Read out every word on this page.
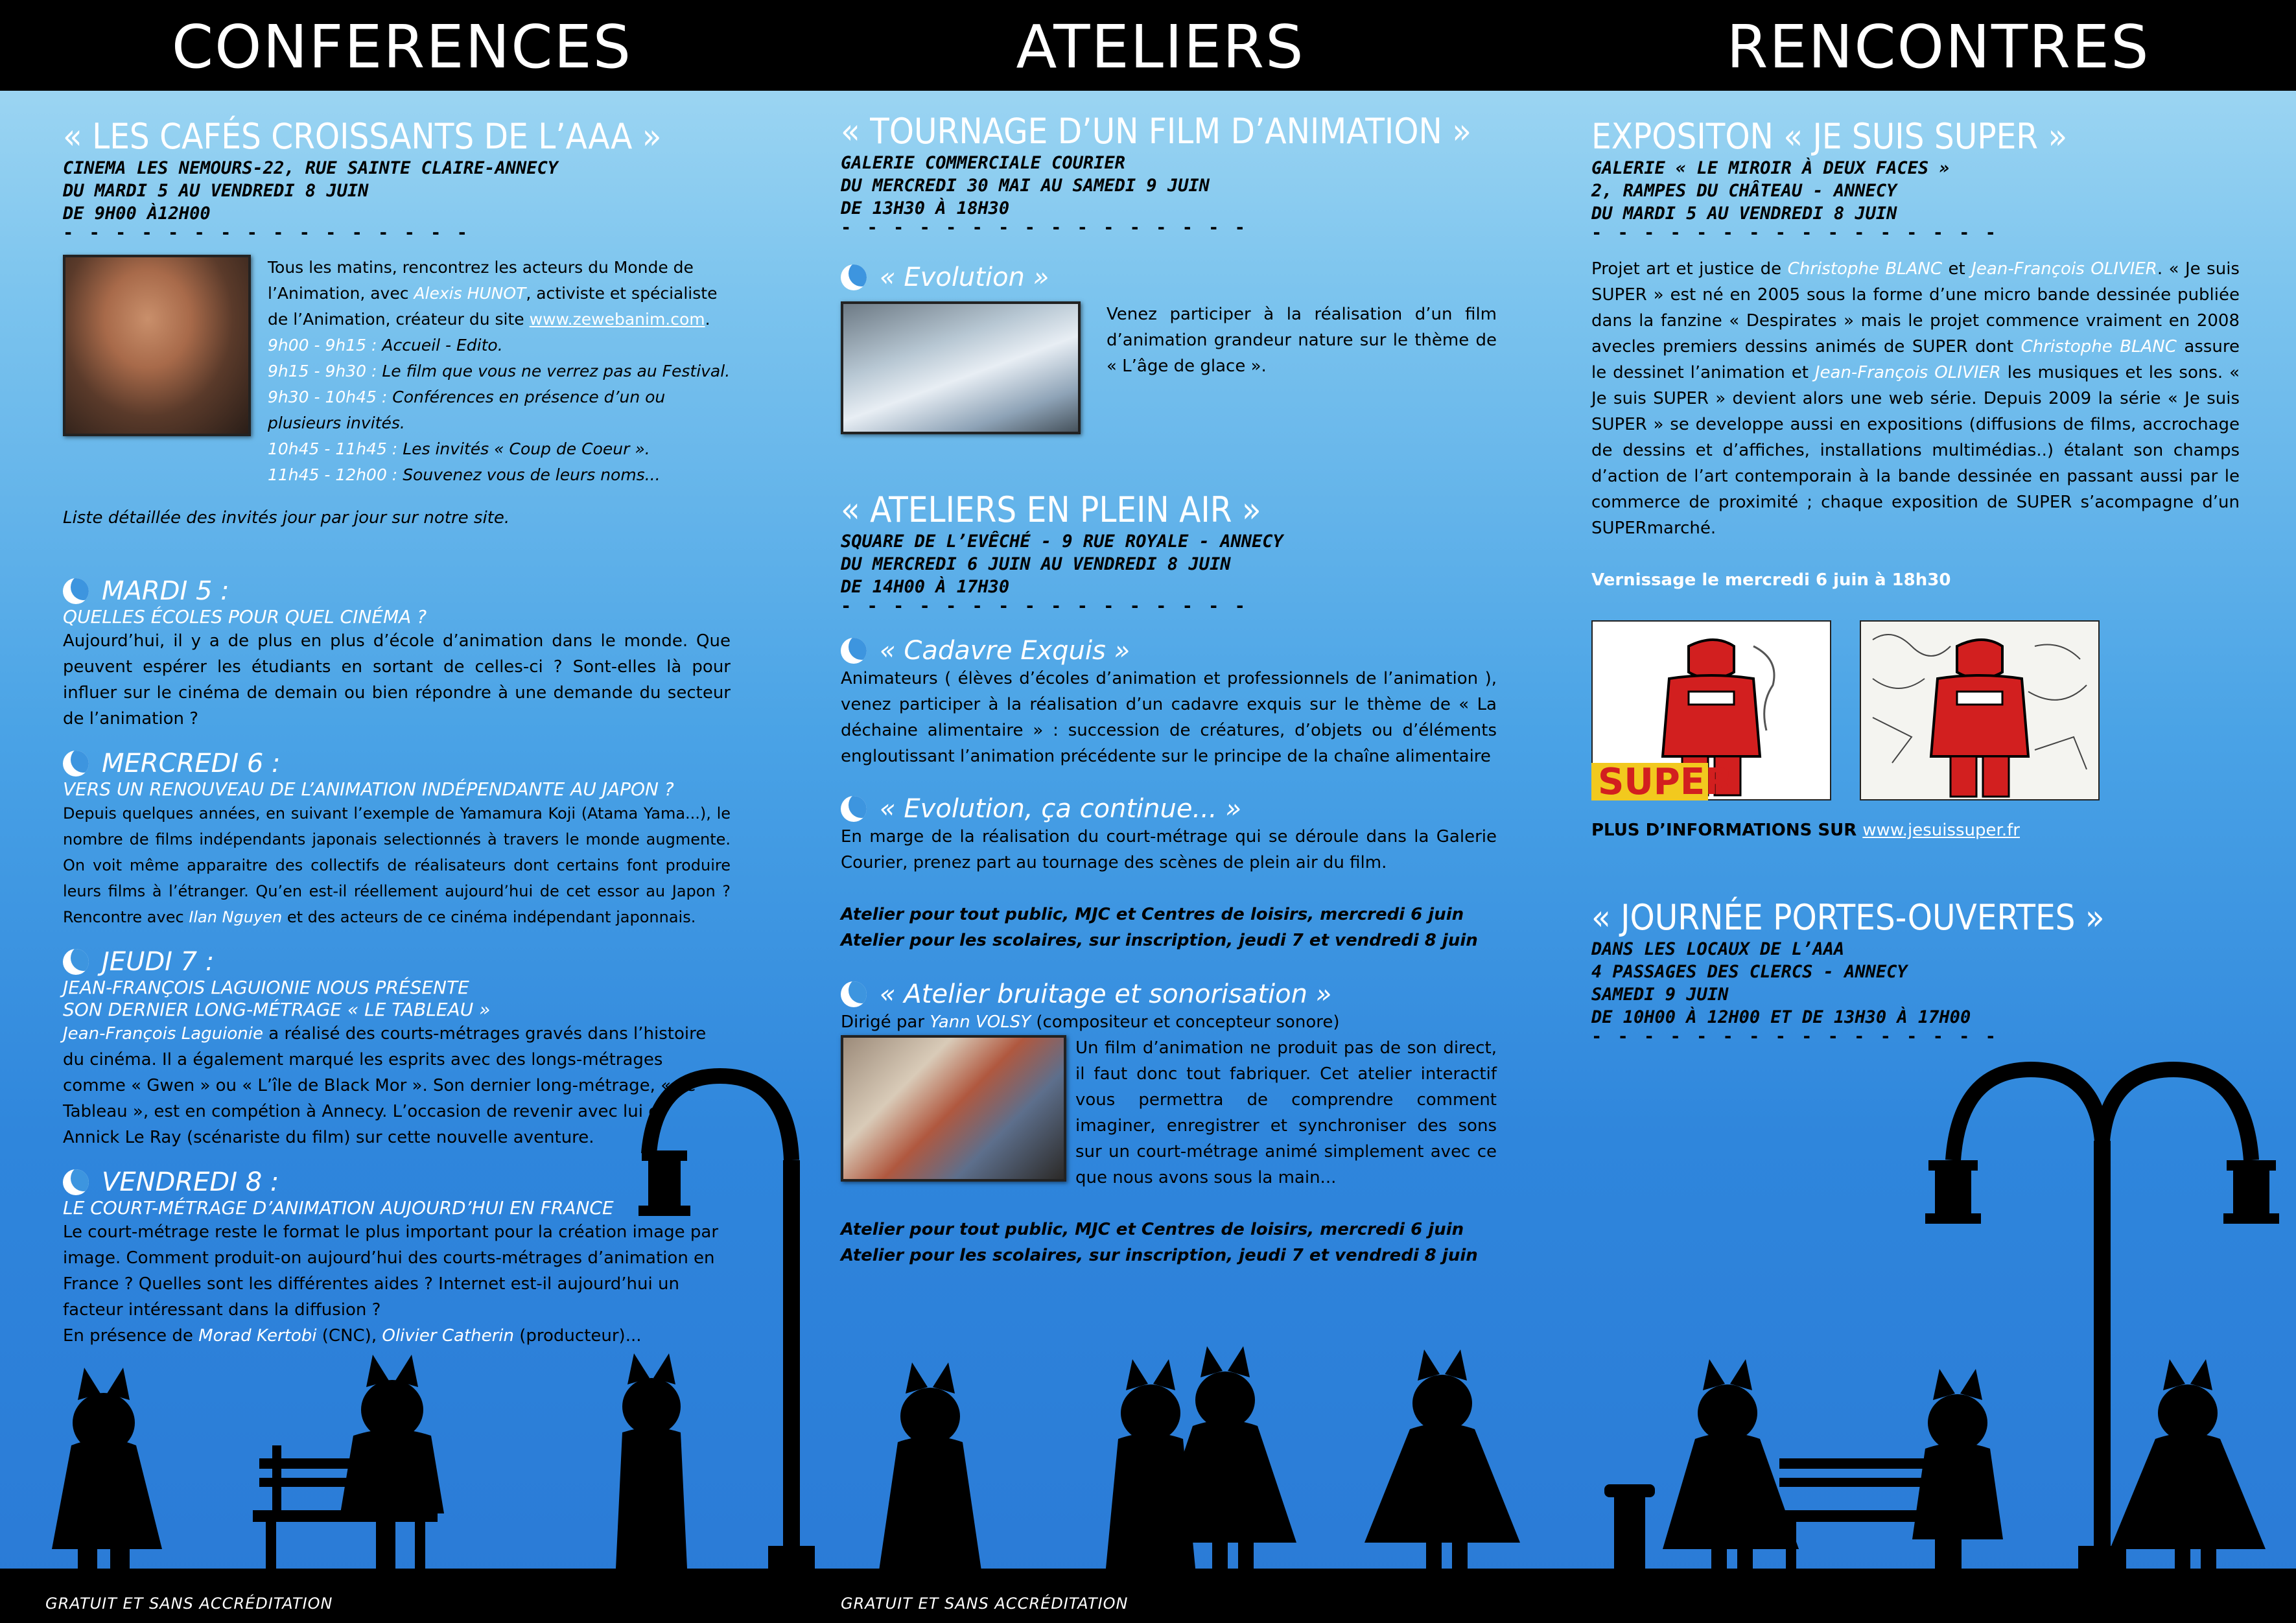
CONFERENCES	ATELIERS	RENCONTRES
« LES CAFÉS CROISSANTS DE L’AAA »
CINEMA LES NEMOURS-22, RUE SAINTE CLAIRE-ANNECY
DU MARDI 5 AU VENDREDI 8 JUIN
DE 9H00 À12H00
- - - - - - - - - - - - - - - -
Tous les matins, rencontrez les acteurs du Monde de l’Animation, avec Alexis HUNOT, activiste et spécialiste de l’Animation, créateur du site www.zewebanim.com.
9h00 - 9h15 : Accueil - Edito.
9h15 - 9h30 : Le film que vous ne verrez pas au Festival.
9h30 - 10h45 : Conférences en présence d’un ou plusieurs invités.
10h45 - 11h45 : Les invités « Coup de Coeur ».
11h45 - 12h00 : Souvenez vous de leurs noms...

Liste détaillée des invités jour par jour sur notre site.

MARDI 5 :
QUELLES ÉCOLES POUR QUEL CINÉMA ?

Aujourd’hui, il y a de plus en plus d’école d’animation dans le monde. Que peuvent espérer les étudiants en sortant de celles-ci ? Sont-elles là pour influer sur le cinéma de demain ou bien répondre à une demande du secteur de l’animation ?

MERCREDI 6 :
VERS UN RENOUVEAU DE L’ANIMATION INDÉPENDANTE AU JAPON ?

Depuis quelques années, en suivant l’exemple de Yamamura Koji (Atama Yama...), le nombre de films indépendants japonais selectionnés à travers le monde augmente. On voit même apparaitre des collectifs de réalisateurs dont certains font produire leurs films à l’étranger. Qu’en est-il réellement aujourd’hui de cet essor au Japon ? Rencontre avec Ilan Nguyen et des acteurs de ce cinéma indépendant japonnais.

JEUDI 7 :
JEAN-FRANÇOIS LAGUIONIE NOUS PRÉSENTE
SON DERNIER LONG-MÉTRAGE « LE TABLEAU »

Jean-François Laguionie a réalisé des courts-métrages gravés dans l’histoire du cinéma. Il a également marqué les esprits avec des longs-métrages comme « Gwen » ou « L’île de Black Mor ». Son dernier long-métrage, « Le Tableau », est en compétion à Annecy. L’occasion de revenir avec lui et Annick Le Ray (scénariste du film) sur cette nouvelle aventure.

VENDREDI 8 :
LE COURT-MÉTRAGE D’ANIMATION AUJOURD’HUI EN FRANCE

Le court-métrage reste le format le plus important pour la création image par image. Comment produit-on aujourd’hui des courts-métrages d’animation en France ? Quelles sont les différentes aides ? Internet est-il aujourd’hui un facteur intéressant dans la diffusion ?

En présence de Morad Kertobi (CNC), Olivier Catherin (producteur)...

« TOURNAGE D’UN FILM D’ANIMATION »
GALERIE COMMERCIALE COURIER
DU MERCREDI 30 MAI AU SAMEDI 9 JUIN
DE 13H30 À 18H30
- - - - - - - - - - - - - - - -
« Evolution »

Venez participer à la réalisation d’un film d’animation grandeur nature sur le thème de « L’âge de glace ».

« ATELIERS EN PLEIN AIR »
SQUARE DE L’EVÊCHÉ - 9 RUE ROYALE - ANNECY
DU MERCREDI 6 JUIN AU VENDREDI 8 JUIN
DE 14H00 À 17H30
- - - - - - - - - - - - - - - -
« Cadavre Exquis »

Animateurs ( élèves d’écoles d’animation et professionnels de l’animation ), venez participer à la réalisation d’un cadavre exquis sur le thème de « La déchaine alimentaire » : succession de créatures, d’objets ou d’éléments engloutissant l’animation précédente sur le principe de la chaîne alimentaire

« Evolution, ça continue... »

En marge de la réalisation du court-métrage qui se déroule dans la Galerie Courier, prenez part au tournage des scènes de plein air du film.

Atelier pour tout public, MJC et Centres de loisirs, mercredi 6 juin

Atelier pour les scolaires, sur inscription, jeudi 7 et vendredi 8 juin

« Atelier bruitage et sonorisation »

Dirigé par Yann VOLSY (compositeur et concepteur sonore)

Un film d’animation ne produit pas de son direct, il faut donc tout fabriquer. Cet atelier interactif vous permettra de comprendre comment imaginer, enregistrer et synchroniser des sons sur un court-métrage animé simplement avec ce que nous avons sous la main...

Atelier pour tout public, MJC et Centres de loisirs, mercredi 6 juin

Atelier pour les scolaires, sur inscription, jeudi 7 et vendredi 8 juin

EXPOSITON « JE SUIS SUPER »
GALERIE « LE MIROIR À DEUX FACES »
2, RAMPES DU CHÂTEAU - ANNECY
DU MARDI 5 AU VENDREDI 8 JUIN
- - - - - - - - - - - - - - - -

Projet art et justice de Christophe BLANC et Jean-François OLIVIER. « Je suis SUPER » est né en 2005 sous la forme d’une micro bande dessinée publiée dans la fanzine « Despirates » mais le projet commence vraiment en 2008 avecles premiers dessins animés de SUPER dont Christophe BLANC assure le dessinet l’animation et Jean-François OLIVIER les musiques et les sons. « Je suis SUPER » devient alors une web série. Depuis 2009 la série « Je suis SUPER » se developpe aussi en expositions (diffusions de films, accrochage de dessins et d’affiches, installations multimédias..) étalant son champs d’action de l’art contemporain à la bande dessinée en passant aussi par le commerce de proximité ; chaque exposition de SUPER s’acompagne d’un SUPERmarché.

Vernissage le mercredi 6 juin à 18h30

SUPER

PLUS D’INFORMATIONS SUR www.jesuissuper.fr

« JOURNÉE PORTES-OUVERTES »
DANS LES LOCAUX DE L’AAA
4 PASSAGES DES CLERCS - ANNECY
SAMEDI 9 JUIN
DE 10H00 À 12H00 ET DE 13H30 À 17H00
- - - - - - - - - - - - - - - -
GRATUIT ET SANS ACCRÉDITATION	GRATUIT ET SANS ACCRÉDITATION
